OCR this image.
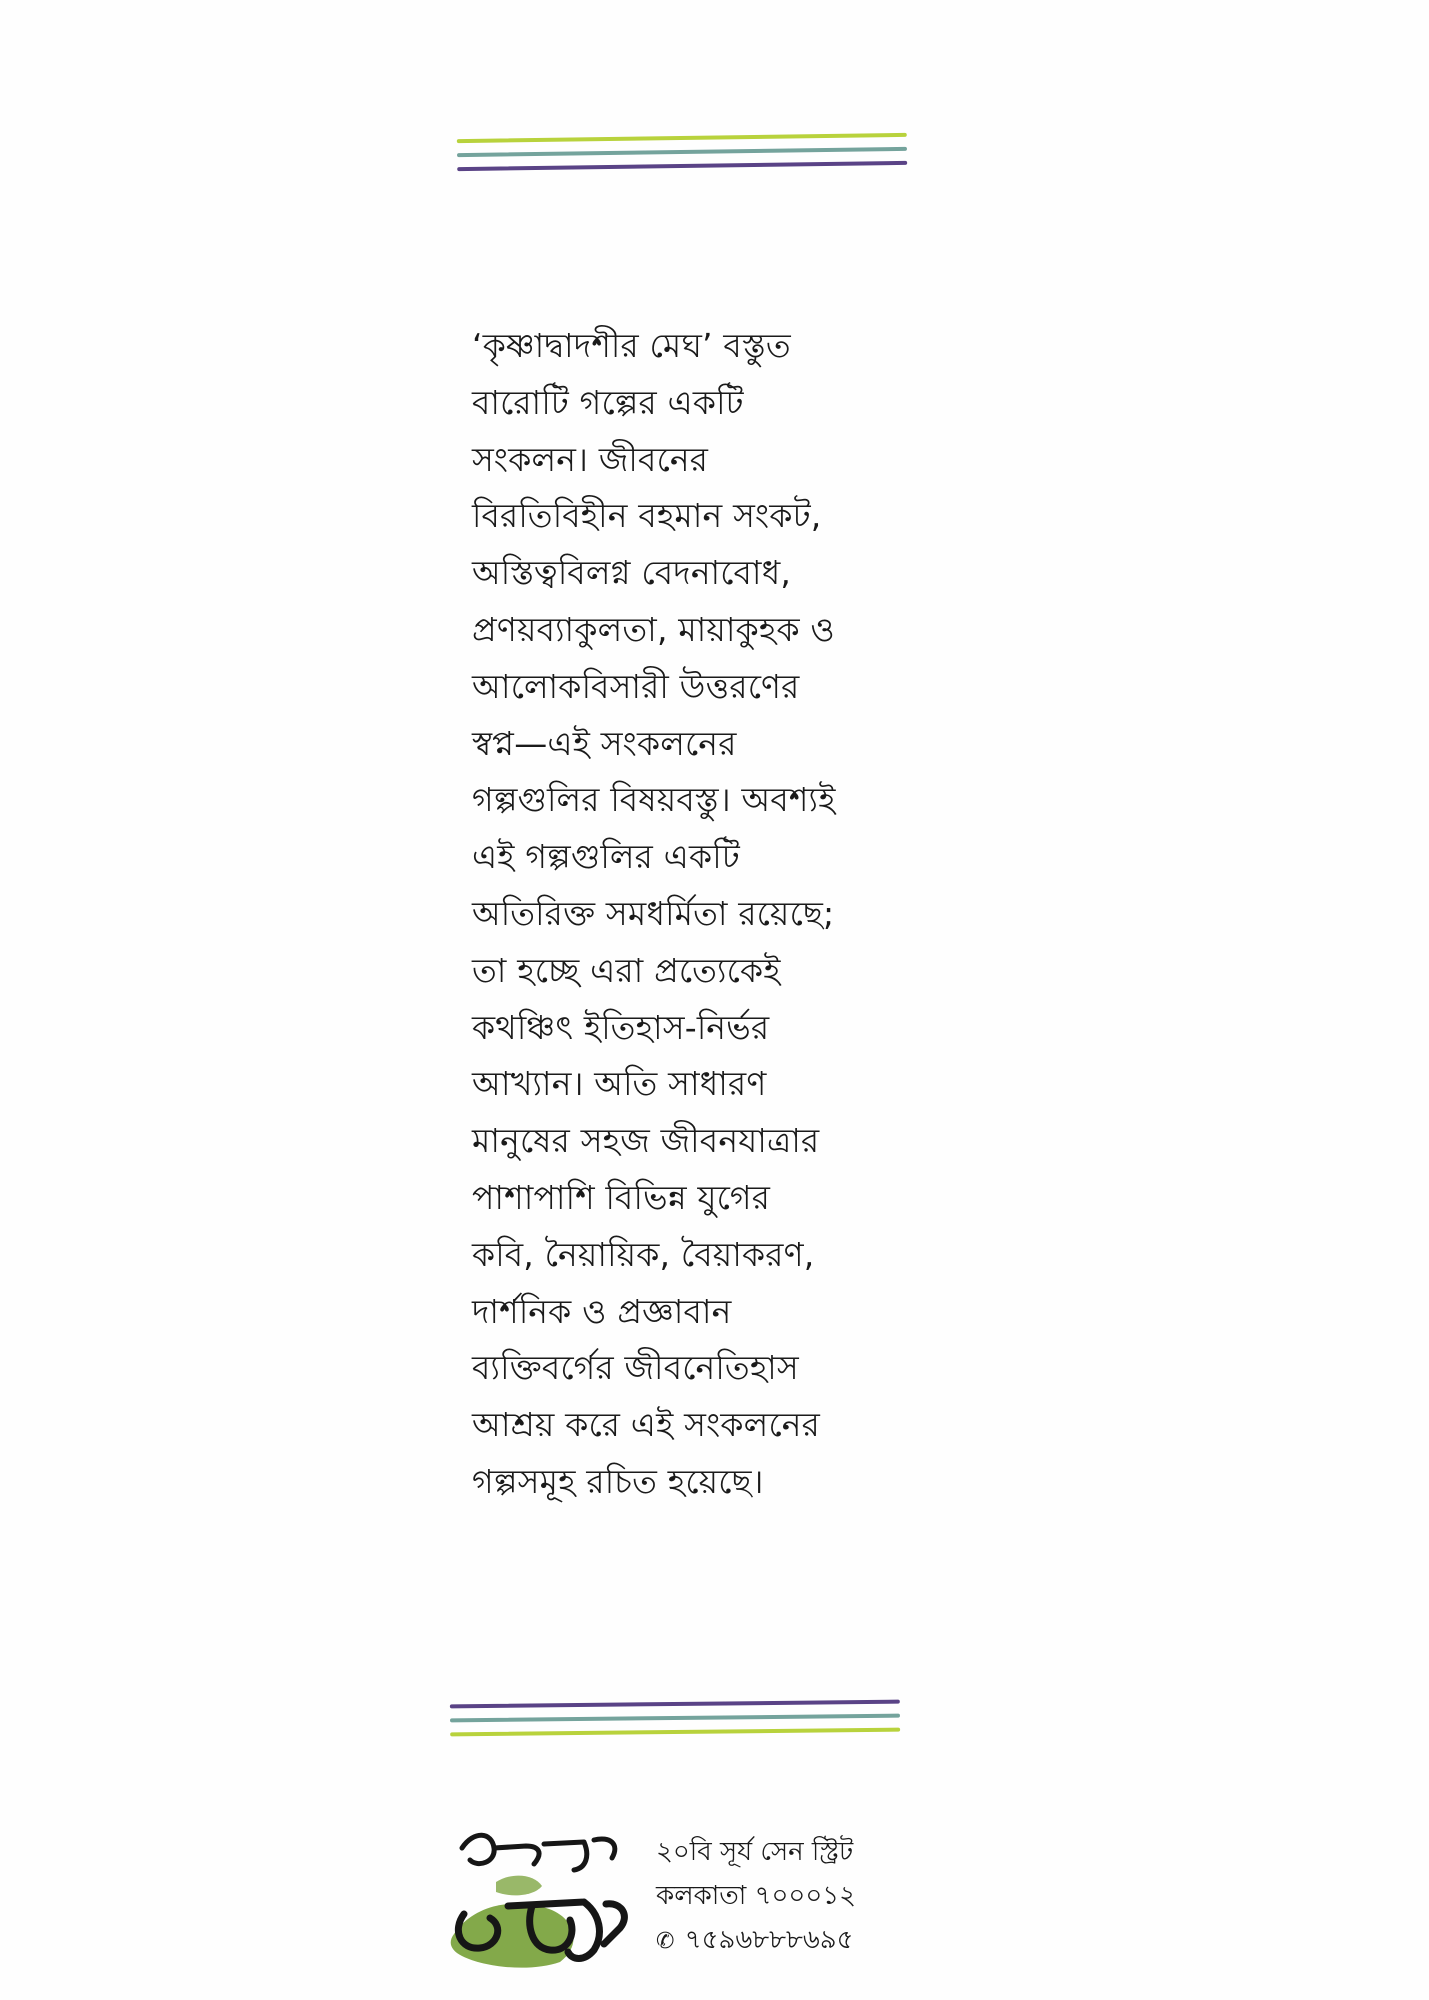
‘কৃষ্ণাদ্বাদশীর মেঘ’ বস্তুত
বারোটি গল্পের একটি
সংকলন। জীবনের
বিরতিবিহীন বহমান সংকট,
অস্তিত্ববিলগ্ন বেদনাবোধ,
প্রণয়ব্যাকুলতা, মায়াকুহক ও
আলোকবিসারী উত্তরণের
স্বপ্ন—এই সংকলনের
গল্পগুলির বিষয়বস্তু। অবশ্যই
এই গল্পগুলির একটি
অতিরিক্ত সমধর্মিতা রয়েছে;
তা হচ্ছে এরা প্রত্যেকেই
কথঞ্চিৎ ইতিহাস-নির্ভর
আখ্যান। অতি সাধারণ
মানুষের সহজ জীবনযাত্রার
পাশাপাশি বিভিন্ন যুগের
কবি, নৈয়ায়িক, বৈয়াকরণ,
দার্শনিক ও প্রজ্ঞাবান
ব্যক্তিবর্গের জীবনেতিহাস
আশ্রয় করে এই সংকলনের
গল্পসমূহ রচিত হয়েছে।
প্রান্তিনিট	২০বি সূর্য সেন স্ট্রিট
কলকাতা ৭০০০১২
✆ ৭৫৯৬৮৮৮৬৯৫
